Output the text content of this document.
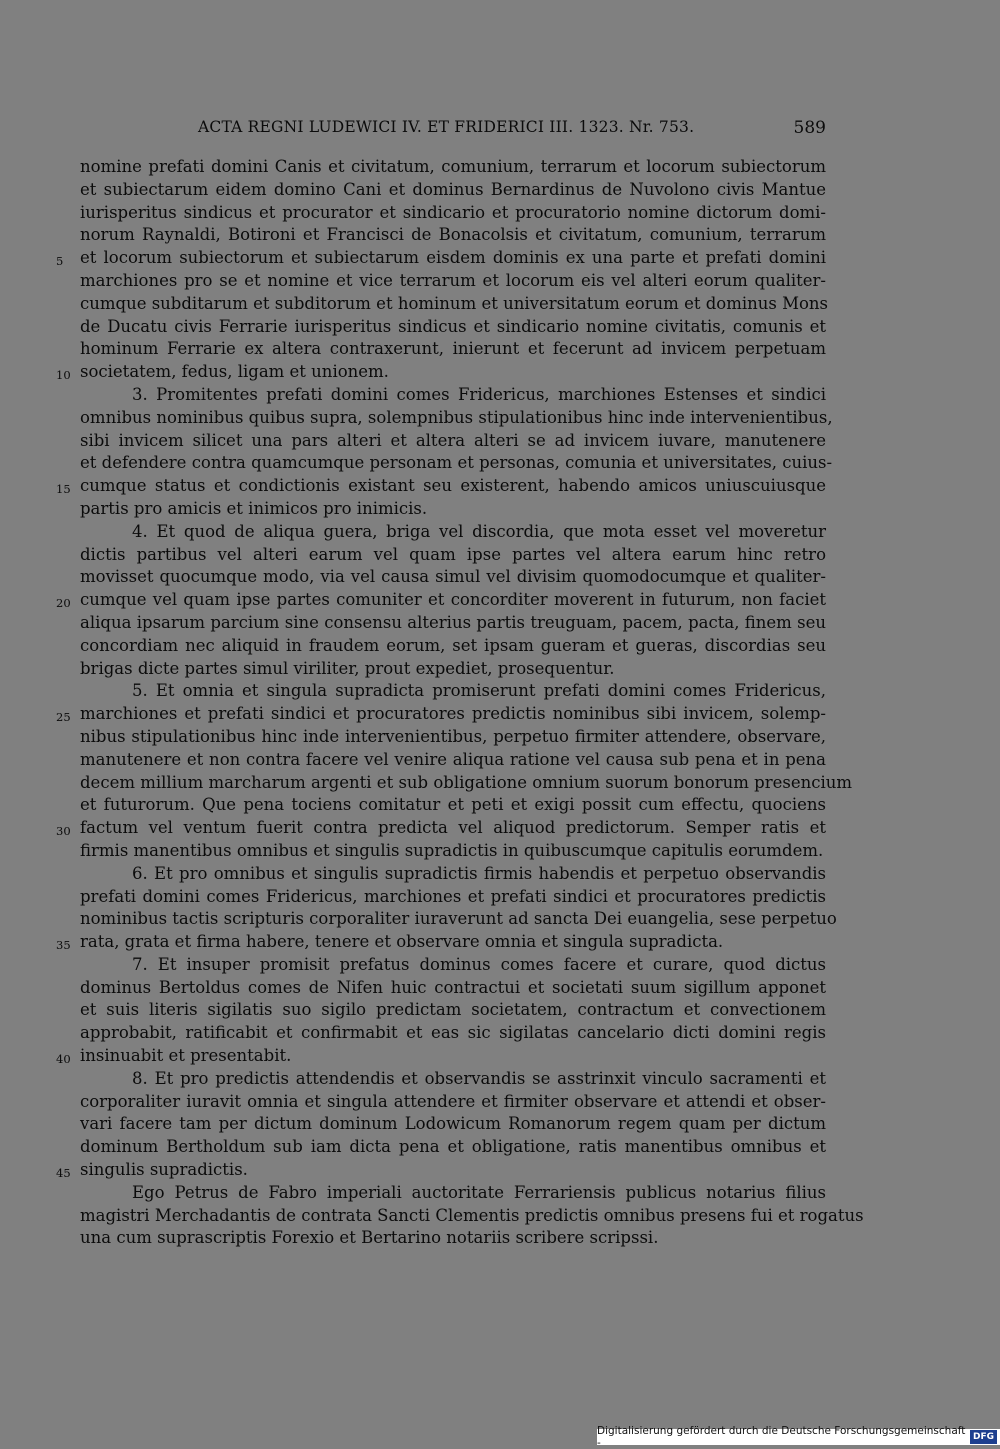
ACTA REGNI LUDEWICI IV. ET FRIDERICI III. 1323. Nr. 753.	589
nomine prefati domini Canis et civitatum, comunium, terrarum et locorum subiectorum
et subiectarum eidem domino Cani et dominus Bernardinus de Nuvolono civis Mantue
iurisperitus sindicus et procurator et sindicario et procuratorio nomine dictorum domi-
norum Raynaldi, Botironi et Francisci de Bonacolsis et civitatum, comunium, terrarum
5	et locorum subiectorum et subiectarum eisdem dominis ex una parte et prefati domini
marchiones pro se et nomine et vice terrarum et locorum eis vel alteri eorum qualiter-
cumque subditarum et subditorum et hominum et universitatum eorum et dominus Mons
de Ducatu civis Ferrarie iurisperitus sindicus et sindicario nomine civitatis, comunis et
hominum Ferrarie ex altera contraxerunt, inierunt et fecerunt ad invicem perpetuam
10 societatem, fedus, ligam et unionem.
3. Promitentes prefati domini comes Fridericus, marchiones Estenses et sindici
omnibus nominibus quibus supra, solempnibus stipulationibus hinc inde intervenientibus,
sibi invicem silicet una pars alteri et altera alteri se ad invicem iuvare, manutenere
et defendere contra quamcumque personam et personas, comunia et universitates, cuius-
15 cumque status et condictionis existant seu existerent, habendo amicos uniuscuiusque
partis pro amicis et inimicos pro inimicis.
4. Et quod de aliqua guera, briga vel discordia, que mota esset vel moveretur
dictis partibus vel alteri earum vel quam ipse partes vel altera earum hinc retro
movisset quocumque modo, via vel causa simul vel divisim quomodocumque et qualiter-
20 cumque vel quam ipse partes comuniter et concorditer moverent in futurum, non faciet
aliqua ipsarum parcium sine consensu alterius partis treuguam, pacem, pacta, finem seu
concordiam nec aliquid in fraudem eorum, set ipsam gueram et gueras, discordias seu
brigas dicte partes simul viriliter, prout expediet, prosequentur.
5. Et omnia et singula supradicta promiserunt prefati domini comes Fridericus,
25 marchiones et prefati sindici et procuratores predictis nominibus sibi invicem, solemp-
nibus stipulationibus hinc inde intervenientibus, perpetuo firmiter attendere, observare,
manutenere et non contra facere vel venire aliqua ratione vel causa sub pena et in pena
decem millium marcharum argenti et sub obligatione omnium suorum bonorum presencium
et futurorum. Que pena tociens comitatur et peti et exigi possit cum effectu, quociens
30 factum vel ventum fuerit contra predicta vel aliquod predictorum. Semper ratis et
firmis manentibus omnibus et singulis supradictis in quibuscumque capitulis eorumdem.
6. Et pro omnibus et singulis supradictis firmis habendis et perpetuo observandis
prefati domini comes Fridericus, marchiones et prefati sindici et procuratores predictis
nominibus tactis scripturis corporaliter iuraverunt ad sancta Dei euangelia, sese perpetuo
35 rata, grata et firma habere, tenere et observare omnia et singula supradicta.
7. Et insuper promisit prefatus dominus comes facere et curare, quod dictus
dominus Bertoldus comes de Nifen huic contractui et societati suum sigillum apponet
et suis literis sigilatis suo sigilo predictam societatem, contractum et convectionem
approbabit, ratificabit et confirmabit et eas sic sigilatas cancelario dicti domini regis
40 insinuabit et presentabit.
8. Et pro predictis attendendis et observandis se asstrinxit vinculo sacramenti et
corporaliter iuravit omnia et singula attendere et firmiter observare et attendi et obser-
vari facere tam per dictum dominum Lodowicum Romanorum regem quam per dictum
dominum Bertholdum sub iam dicta pena et obligatione, ratis manentibus omnibus et
45 singulis supradictis.
Ego Petrus de Fabro imperiali auctoritate Ferrariensis publicus notarius filius
magistri Merchadantis de contrata Sancti Clementis predictis omnibus presens fui et rogatus
una cum suprascriptis Forexio et Bertarino notariis scribere scripssi.
Digitalisierung gefördert durch die Deutsche Forschungsgemeinschaft -	DFG
